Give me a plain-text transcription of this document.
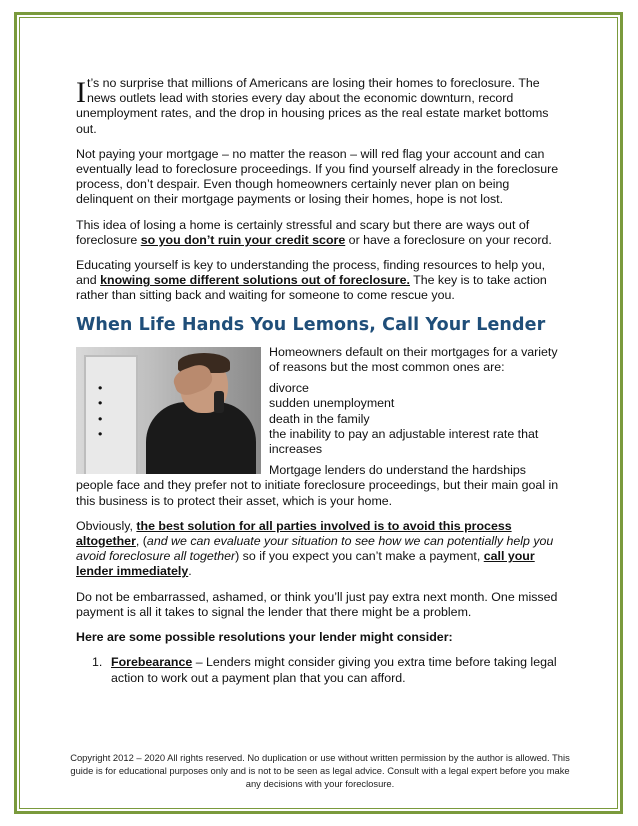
I t’s no surprise that millions of Americans are losing their homes to foreclosure. The news outlets lead with stories every day about the economic downturn, record unemployment rates, and the drop in housing prices as the real estate market bottoms out.

Not paying your mortgage – no matter the reason – will red flag your account and can eventually lead to foreclosure proceedings. If you find yourself already in the foreclosure process, don’t despair. Even though homeowners certainly never plan on being delinquent on their mortgage payments or losing their homes, hope is not lost.

This idea of losing a home is certainly stressful and scary but there are ways out of foreclosure so you don’t ruin your credit score or have a foreclosure on your record.

Educating yourself is key to understanding the process, finding resources to help you, and knowing some different solutions out of foreclosure. The key is to take action rather than sitting back and waiting for someone to come rescue you.

When Life Hands You Lemons, Call Your Lender

Homeowners default on their mortgages for a variety of reasons but the most common ones are:

• divorce
• sudden unemployment
• death in the family
• the inability to pay an adjustable interest rate that increases

Mortgage lenders do understand the hardships people face and they prefer not to initiate foreclosure proceedings, but their main goal in this business is to protect their asset, which is your home.

Obviously, the best solution for all parties involved is to avoid this process altogether, (and we can evaluate your situation to see how we can potentially help you avoid foreclosure all together) so if you expect you can’t make a payment, call your lender immediately.

Do not be embarrassed, ashamed, or think you’ll just pay extra next month. One missed payment is all it takes to signal the lender that there might be a problem.

Here are some possible resolutions your lender might consider:

1. Forebearance – Lenders might consider giving you extra time before taking legal action to work out a payment plan that you can afford.
Copyright 2012 – 2020 All rights reserved. No duplication or use without written permission by the author is allowed. This guide is for educational purposes only and is not to be seen as legal advice. Consult with a legal expert before you make any decisions with your foreclosure.
